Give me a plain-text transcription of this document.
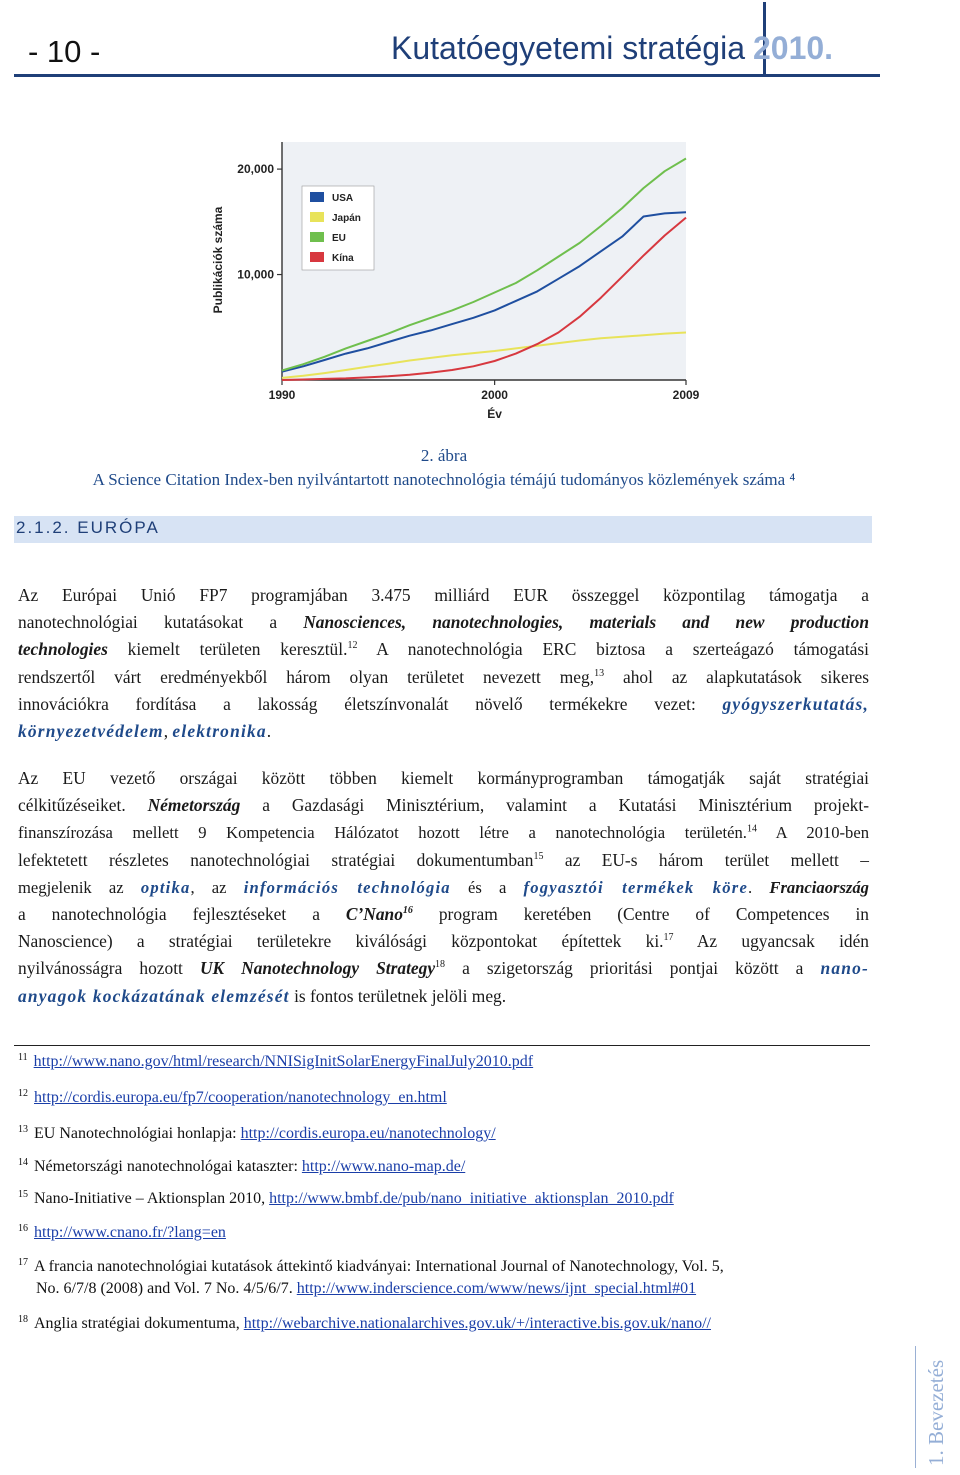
- 10 -	Kutatóegyetemi stratégia 2010.
USA
Japán
EU
Kína
Publikációk száma
Év
1990	2000	2009
10,000
20,000
2. ábra
A Science Citation Index-ben nyilvántartott nanotechnológia témájú tudományos közlemények száma ⁴
2.1.2. EURÓPA
Az Európai Unió FP7 programjában 3.475 milliárd EUR összeggel központilag támogatja a
nanotechnológiai kutatásokat a Nanosciences, nanotechnologies, materials and new production
technologies kiemelt területen keresztül.$^{12}$ A nanotechnológia ERC biztosa a szerteágazó támogatási
rendszertől várt eredményekből három olyan területet nevezett meg,$^{13}$ ahol az alapkutatások sikeres
innovációkra fordítása a lakosság életszínvonalát növelő termékekre vezet: gyógyszerkutatás,
környezetvédelem, elektronika.
Az EU vezető országai között többen kiemelt kormányprogramban támogatják saját stratégiai
célkitűzéseiket. Németország a Gazdasági Minisztérium, valamint a Kutatási Minisztérium projekt-
finanszírozása mellett 9 Kompetencia Hálózatot hozott létre a nanotechnológia területén.$^{14}$ A 2010-ben
lefektetett részletes nanotechnológiai stratégiai dokumentumban$^{15}$ az EU-s három terület mellett –
megjelenik az optika, az információs technológia és a fogyasztói termékek köre. Franciaország
a nanotechnológia fejlesztéseket a C’Nano$^{16}$ program keretében (Centre of Competences in
Nanoscience) a stratégiai területekre kiválósági központokat építettek ki.$^{17}$ Az ugyancsak idén
nyilvánosságra hozott UK Nanotechnology Strategy$^{18}$ a szigetország prioritási pontjai között a nano-
anyagok kockázatának elemzését is fontos területnek jelöli meg.
$^{11}$ http://www.nano.gov/html/research/NNISigInitSolarEnergyFinalJuly2010.pdf
$^{12}$ http://cordis.europa.eu/fp7/cooperation/nanotechnology_en.html
$^{13}$ EU Nanotechnológiai honlapja: http://cordis.europa.eu/nanotechnology/
$^{14}$ Németországi nanotechnológai kataszter: http://www.nano-map.de/
$^{15}$ Nano-Initiative – Aktionsplan 2010, http://www.bmbf.de/pub/nano_initiative_aktionsplan_2010.pdf
$^{16}$ http://www.cnano.fr/?lang=en
$^{17}$ A francia nanotechnológiai kutatások áttekintő kiadványai: International Journal of Nanotechnology, Vol. 5,
No. 6/7/8 (2008) and Vol. 7 No. 4/5/6/7. http://www.inderscience.com/www/news/ijnt_special.html#01
$^{18}$ Anglia stratégiai dokumentuma, http://webarchive.nationalarchives.gov.uk/+/interactive.bis.gov.uk/nano//
1. Bevezetés
